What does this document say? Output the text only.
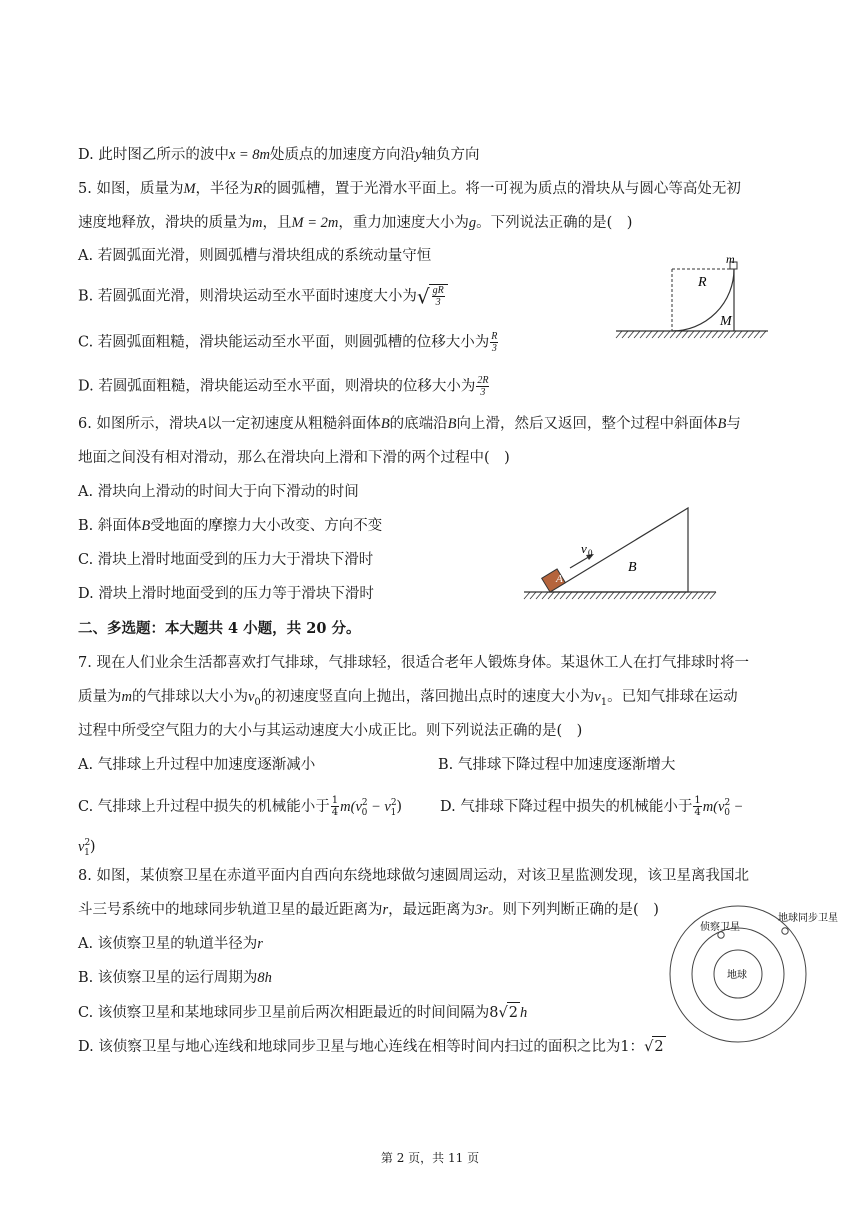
D. 此时图乙所示的波中x = 8m处质点的加速度方向沿y轴负方向
5. 如图，质量为M，半径为R的圆弧槽，置于光滑水平面上。将一可视为质点的滑块从与圆心等高处无初
速度地释放，滑块的质量为m，且M = 2m，重力加速度大小为g。下列说法正确的是(　)
A. 若圆弧面光滑，则圆弧槽与滑块组成的系统动量守恒
B. 若圆弧面光滑，则滑块运动至水平面时速度大小为√ $\frac{gR}{3}$
C. 若圆弧面粗糙，滑块能运动至水平面，则圆弧槽的位移大小为 $\frac{R}{3}$
D. 若圆弧面粗糙，滑块能运动至水平面，则滑块的位移大小为 $\frac{2R}{3}$
R
m
M
6. 如图所示，滑块A以一定初速度从粗糙斜面体B的底端沿B向上滑，然后又返回，整个过程中斜面体B与
地面之间没有相对滑动，那么在滑块向上滑和下滑的两个过程中(　)
A. 滑块向上滑动的时间大于向下滑动的时间
B. 斜面体B受地面的摩擦力大小改变、方向不变
C. 滑块上滑时地面受到的压力大于滑块下滑时
D. 滑块上滑时地面受到的压力等于滑块下滑时
A
v 0
B
二、多选题：本大题共 4 小题，共 20 分。
7. 现在人们业余生活都喜欢打气排球，气排球轻，很适合老年人锻炼身体。某退休工人在打气排球时将一
质量为m的气排球以大小为$v_0$的初速度竖直向上抛出，落回抛出点时的速度大小为$v_1$。已知气排球在运动
过程中所受空气阻力的大小与其运动速度大小成正比。则下列说法正确的是(　)
A. 气排球上升过程中加速度逐渐减小	B. 气排球下降过程中加速度逐渐增大
C. 气排球上升过程中损失的机械能小于 $\frac{1}{4} m(v^2_0 - v^2_1)$	D. 气排球下降过程中损失的机械能小于 $\frac{1}{4} m(v^2_0$ −
$v^2_1$)
8. 如图，某侦察卫星在赤道平面内自西向东绕地球做匀速圆周运动，对该卫星监测发现，该卫星离我国北
斗三号系统中的地球同步轨道卫星的最近距离为r，最远距离为3r。则下列判断正确的是(　)
A. 该侦察卫星的轨道半径为r
B. 该侦察卫星的运行周期为8h
C. 该侦察卫星和某地球同步卫星前后两次相距最近的时间间隔为8√2 h
D. 该侦察卫星与地心连线和地球同步卫星与地心连线在相等时间内扫过的面积之比为1：√2
侦察卫星
地球同步卫星
地球
第 2 页，共 11 页
